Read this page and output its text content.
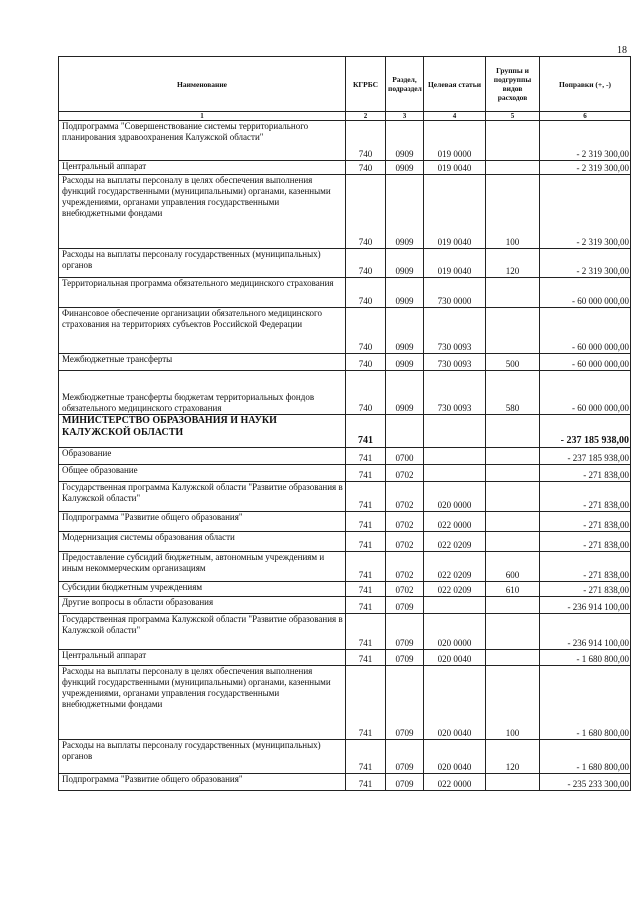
18
Наименование	КГРБС	Раздел, подраздел	Целевая статьи	Группы и подгруппы видов расходов	Поправки (+, -)
1	2	3	4	5	6
Подпрограмма "Совершенствование системы территориального планирования здравоохранения Калужской области"	740	0909	019 0000		- 2 319 300,00
Центральный аппарат	740	0909	019 0040		- 2 319 300,00
Расходы на выплаты персоналу в целях обеспечения выполнения функций государственными (муниципальными) органами, казенными учреждениями, органами управления государственными внебюджетными фондами	740	0909	019 0040	100	- 2 319 300,00
Расходы на выплаты персоналу государственных (муниципальных) органов	740	0909	019 0040	120	- 2 319 300,00
Территориальная программа обязательного медицинского страхования	740	0909	730 0000		- 60 000 000,00
Финансовое обеспечение организации обязательного медицинского страхования на территориях субъектов Российской Федерации	740	0909	730 0093		- 60 000 000,00
Межбюджетные трансферты	740	0909	730 0093	500	- 60 000 000,00
Межбюджетные трансферты бюджетам территориальных фондов обязательного медицинского страхования	740	0909	730 0093	580	- 60 000 000,00
МИНИСТЕРСТВО ОБРАЗОВАНИЯ И НАУКИ КАЛУЖСКОЙ ОБЛАСТИ	741				- 237 185 938,00
Образование	741	0700			- 237 185 938,00
Общее образование	741	0702			- 271 838,00
Государственная программа Калужской области "Развитие образования в Калужской области"	741	0702	020 0000		- 271 838,00
Подпрограмма "Развитие общего образования"	741	0702	022 0000		- 271 838,00
Модернизация системы образования области	741	0702	022 0209		- 271 838,00
Предоставление субсидий бюджетным, автономным учреждениям и иным некоммерческим организациям	741	0702	022 0209	600	- 271 838,00
Субсидии бюджетным учреждениям	741	0702	022 0209	610	- 271 838,00
Другие вопросы в области образования	741	0709			- 236 914 100,00
Государственная программа Калужской области "Развитие образования в Калужской области"	741	0709	020 0000		- 236 914 100,00
Центральный аппарат	741	0709	020 0040		- 1 680 800,00
Расходы на выплаты персоналу в целях обеспечения выполнения функций государственными (муниципальными) органами, казенными учреждениями, органами управления государственными внебюджетными фондами	741	0709	020 0040	100	- 1 680 800,00
Расходы на выплаты персоналу государственных (муниципальных) органов	741	0709	020 0040	120	- 1 680 800,00
Подпрограмма "Развитие общего образования"	741	0709	022 0000		- 235 233 300,00
